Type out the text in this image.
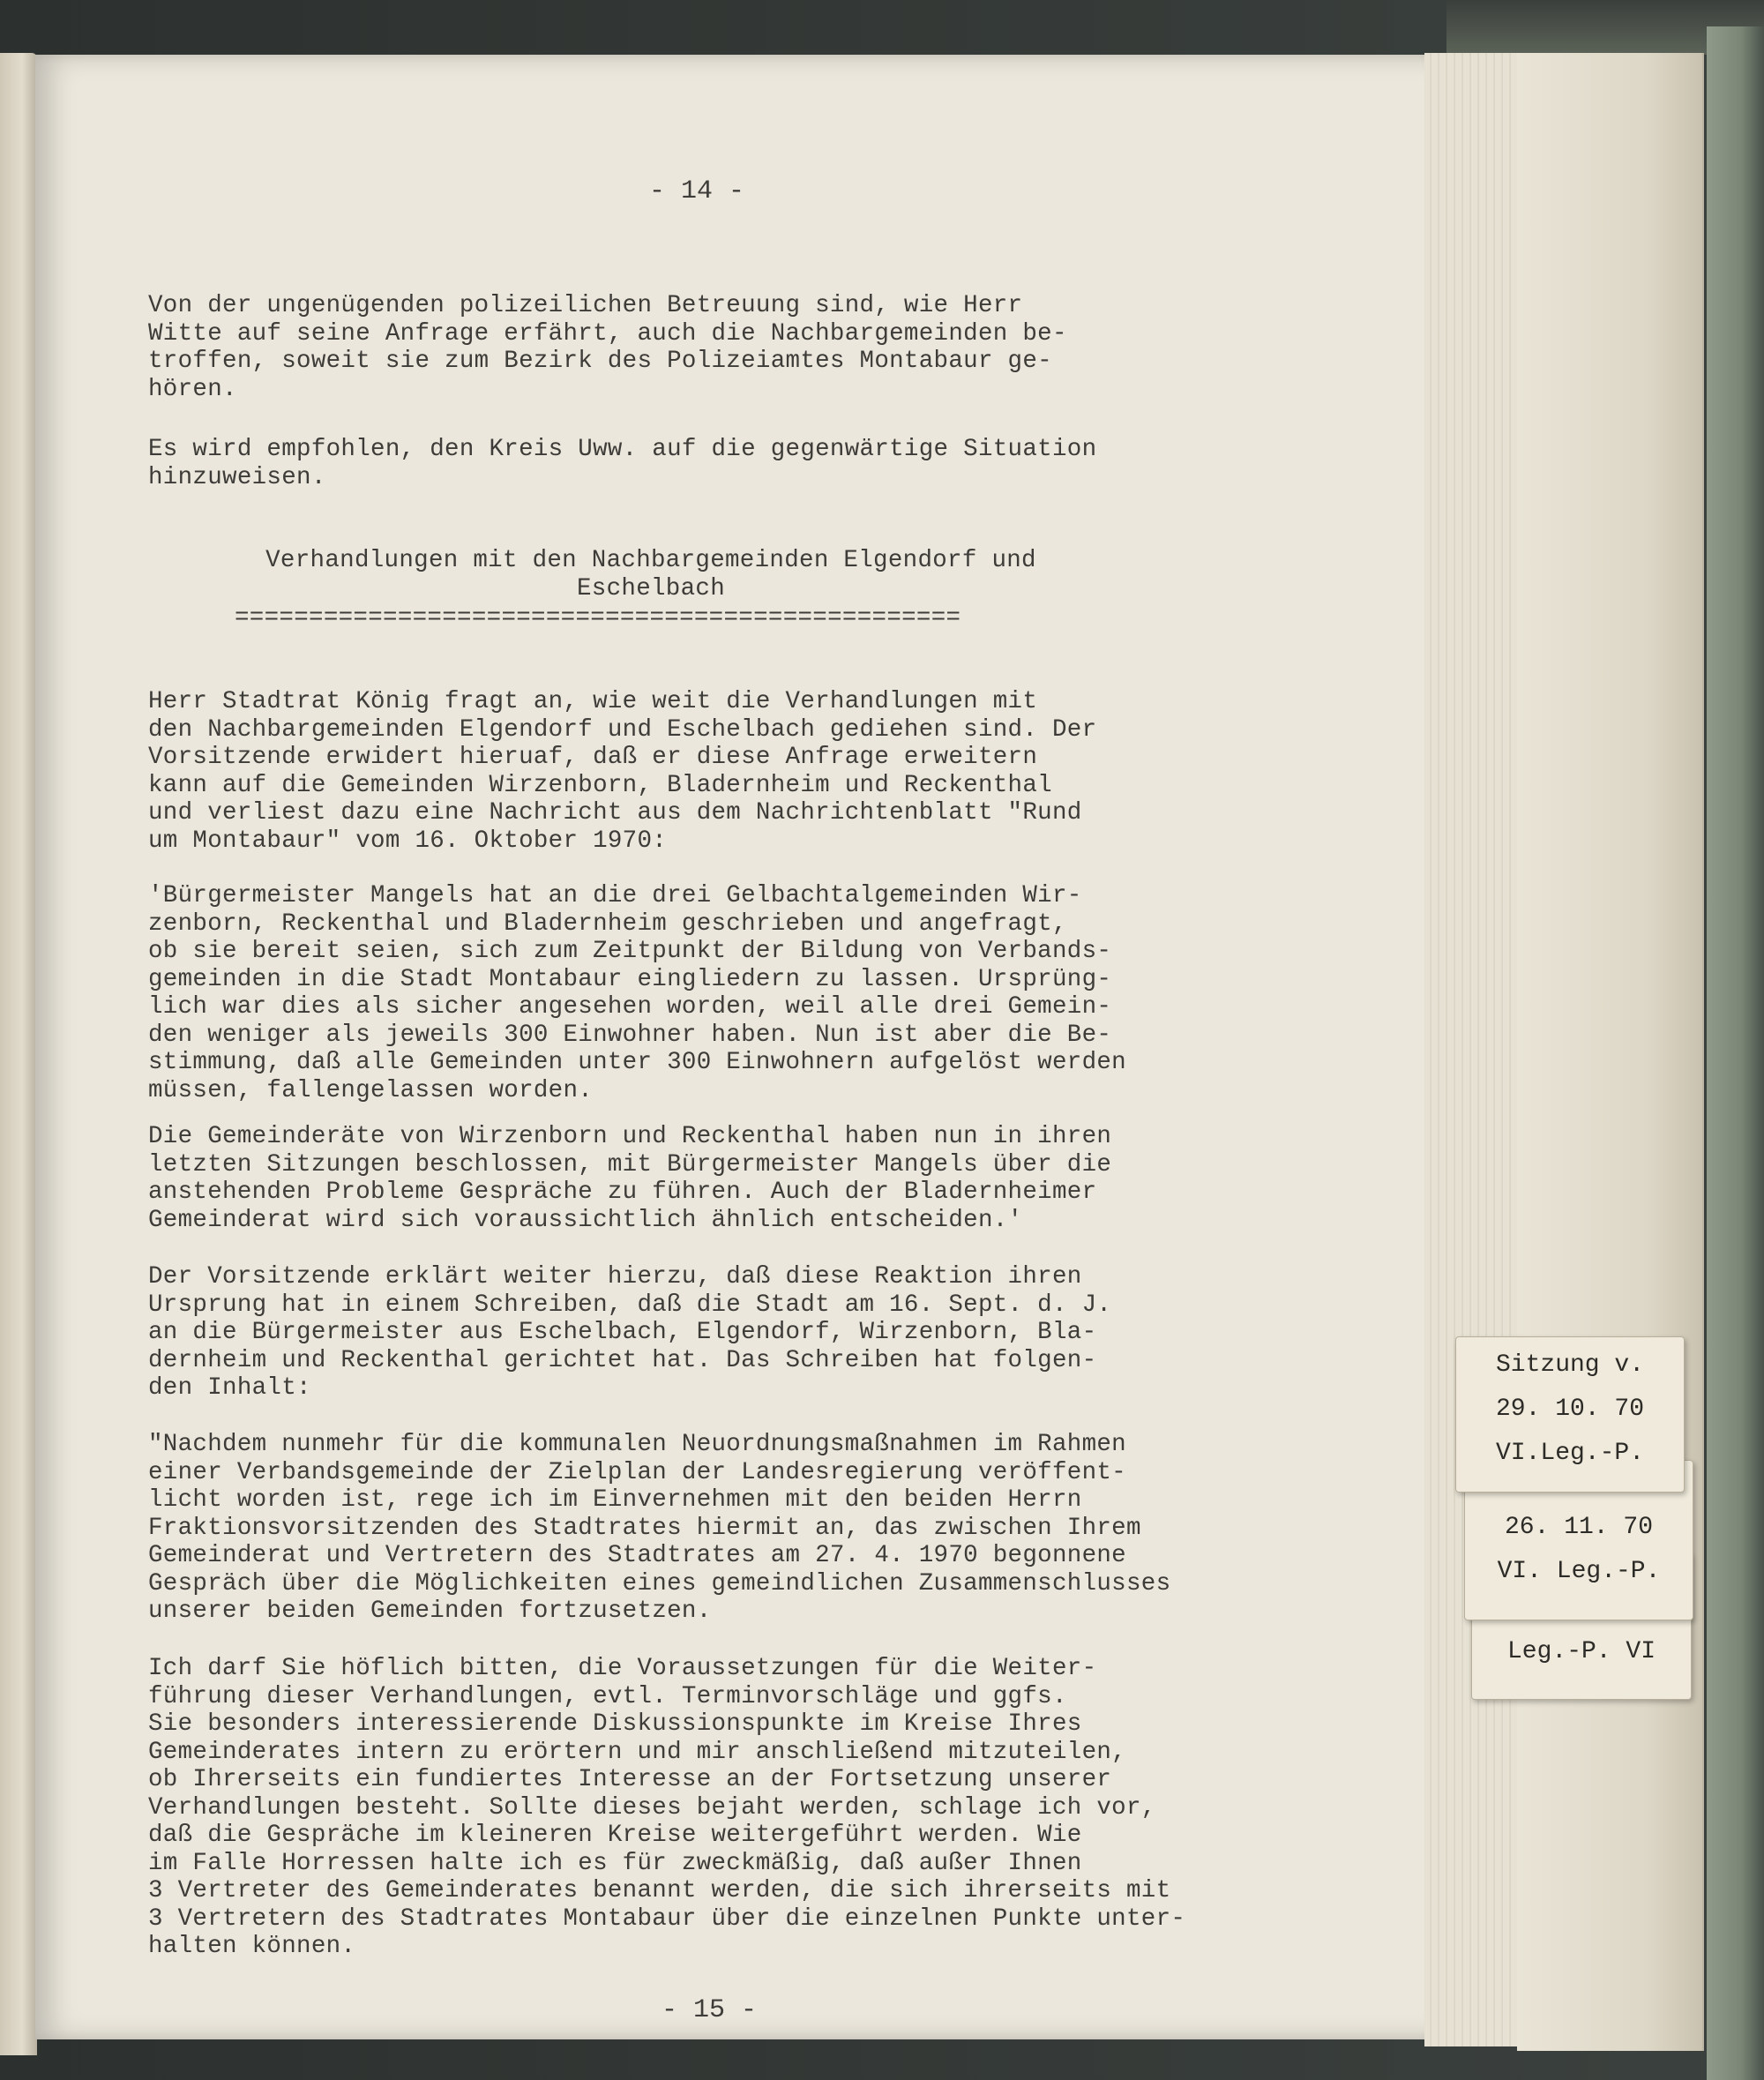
- 14 -
Von der ungenügenden polizeilichen Betreuung sind, wie Herr
Witte auf seine Anfrage erfährt, auch die Nachbargemeinden be-
troffen, soweit sie zum Bezirk des Polizeiamtes Montabaur ge-
hören.
Es wird empfohlen, den Kreis Uww. auf die gegenwärtige Situation
hinzuweisen.
Verhandlungen mit den Nachbargemeinden Elgendorf und
Eschelbach
=================================================
Herr Stadtrat König fragt an, wie weit die Verhandlungen mit
den Nachbargemeinden Elgendorf und Eschelbach gediehen sind. Der
Vorsitzende erwidert hieruaf, daß er diese Anfrage erweitern
kann auf die Gemeinden Wirzenborn, Bladernheim und Reckenthal
und verliest dazu eine Nachricht aus dem Nachrichtenblatt "Rund
um Montabaur" vom 16. Oktober 1970:
'Bürgermeister Mangels hat an die drei Gelbachtalgemeinden Wir-
zenborn, Reckenthal und Bladernheim geschrieben und angefragt,
ob sie bereit seien, sich zum Zeitpunkt der Bildung von Verbands-
gemeinden in die Stadt Montabaur eingliedern zu lassen. Ursprüng-
lich war dies als sicher angesehen worden, weil alle drei Gemein-
den weniger als jeweils 300 Einwohner haben. Nun ist aber die Be-
stimmung, daß alle Gemeinden unter 300 Einwohnern aufgelöst werden
müssen, fallengelassen worden.
Die Gemeinderäte von Wirzenborn und Reckenthal haben nun in ihren
letzten Sitzungen beschlossen, mit Bürgermeister Mangels über die
anstehenden Probleme Gespräche zu führen. Auch der Bladernheimer
Gemeinderat wird sich voraussichtlich ähnlich entscheiden.'
Der Vorsitzende erklärt weiter hierzu, daß diese Reaktion ihren
Ursprung hat in einem Schreiben, daß die Stadt am 16. Sept. d. J.
an die Bürgermeister aus Eschelbach, Elgendorf, Wirzenborn, Bla-
dernheim und Reckenthal gerichtet hat. Das Schreiben hat folgen-
den Inhalt:
"Nachdem nunmehr für die kommunalen Neuordnungsmaßnahmen im Rahmen
einer Verbandsgemeinde der Zielplan der Landesregierung veröffent-
licht worden ist, rege ich im Einvernehmen mit den beiden Herrn
Fraktionsvorsitzenden des Stadtrates hiermit an, das zwischen Ihrem
Gemeinderat und Vertretern des Stadtrates am 27. 4. 1970 begonnene
Gespräch über die Möglichkeiten eines gemeindlichen Zusammenschlusses
unserer beiden Gemeinden fortzusetzen.
Ich darf Sie höflich bitten, die Voraussetzungen für die Weiter-
führung dieser Verhandlungen, evtl. Terminvorschläge und ggfs.
Sie besonders interessierende Diskussionspunkte im Kreise Ihres
Gemeinderates intern zu erörtern und mir anschließend mitzuteilen,
ob Ihrerseits ein fundiertes Interesse an der Fortsetzung unserer
Verhandlungen besteht. Sollte dieses bejaht werden, schlage ich vor,
daß die Gespräche im kleineren Kreise weitergeführt werden. Wie
im Falle Horressen halte ich es für zweckmäßig, daß außer Ihnen
3 Vertreter des Gemeinderates benannt werden, die sich ihrerseits mit
3 Vertretern des Stadtrates Montabaur über die einzelnen Punkte unter-
halten können.
- 15 -
Sitzung v.
29. 10. 70
VI.Leg.-P.
26. 11. 70
VI. Leg.-P.
Leg.-P. VI
